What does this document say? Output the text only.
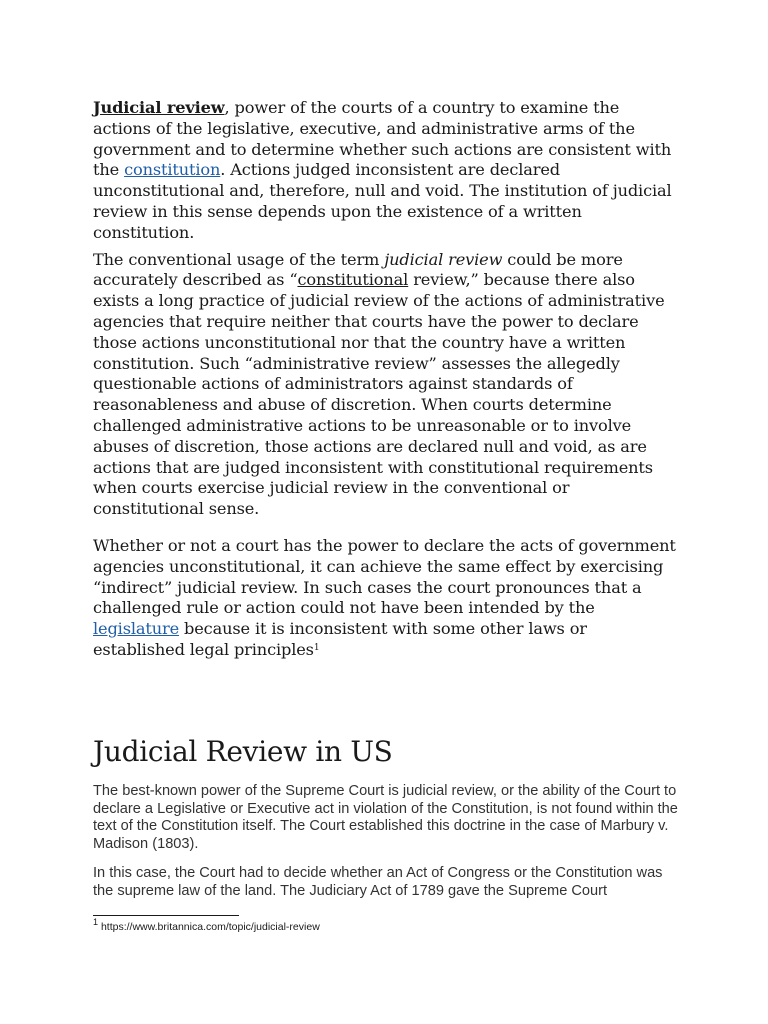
Judicial review, power of the courts of a country to examine the actions of the legislative, executive, and administrative arms of the government and to determine whether such actions are consistent with the constitution. Actions judged inconsistent are declared unconstitutional and, therefore, null and void. The institution of judicial review in this sense depends upon the existence of a written constitution.

The conventional usage of the term judicial review could be more accurately described as “constitutional review,” because there also exists a long practice of judicial review of the actions of administrative agencies that require neither that courts have the power to declare those actions unconstitutional nor that the country have a written constitution. Such “administrative review” assesses the allegedly questionable actions of administrators against standards of reasonableness and abuse of discretion. When courts determine challenged administrative actions to be unreasonable or to involve abuses of discretion, those actions are declared null and void, as are actions that are judged inconsistent with constitutional requirements when courts exercise judicial review in the conventional or constitutional sense.

Whether or not a court has the power to declare the acts of government agencies unconstitutional, it can achieve the same effect by exercising “indirect” judicial review. In such cases the court pronounces that a challenged rule or action could not have been intended by the legislature because it is inconsistent with some other laws or established legal principles$^1$

Judicial Review in US

The best-known power of the Supreme Court is judicial review, or the ability of the Court to declare a Legislative or Executive act in violation of the Constitution, is not found within the text of the Constitution itself. The Court established this doctrine in the case of Marbury v. Madison (1803).

In this case, the Court had to decide whether an Act of Congress or the Constitution was the supreme law of the land. The Judiciary Act of 1789 gave the Supreme Court

$^1$ https://www.britannica.com/topic/judicial-review
